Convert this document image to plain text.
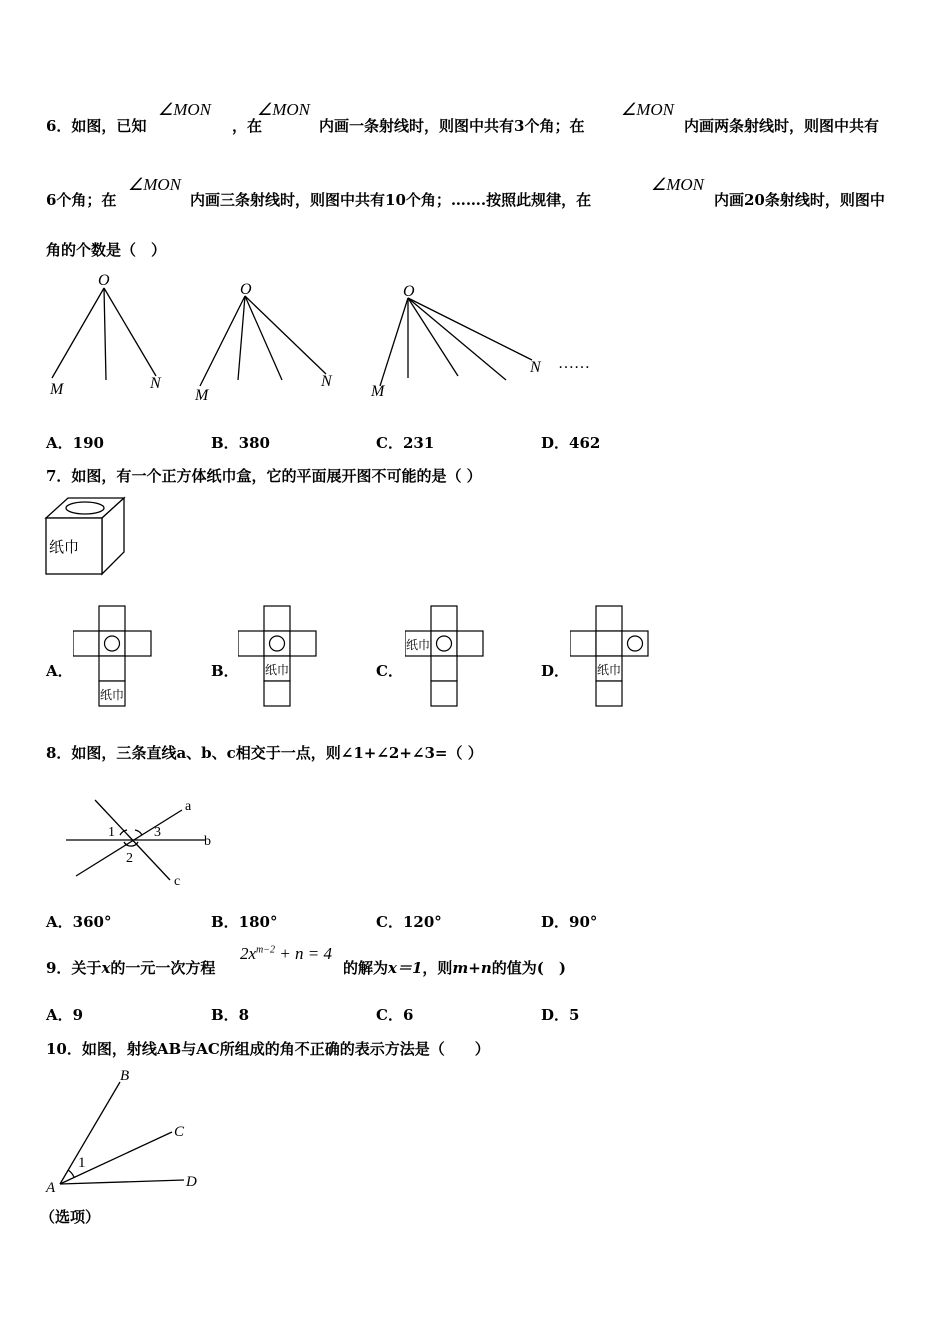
6．如图，已知
∠MON
，在
∠MON
内画一条射线时，则图中共有3个角；在
∠MON
内画两条射线时，则图中共有
6个角；在
∠MON
内画三条射线时，则图中共有10个角；…….按照此规律，在
∠MON
内画20条射线时，则图中
角的个数是（　）
O
M	N
O
M
N
O
M
N ……
A．190	B．380	C．231	D．462
7．如图，有一个正方体纸巾盒，它的平面展开图不可能的是（ ）
纸巾
A．
纸巾
B． 纸巾	C．
纸巾
D． 纸巾
8．如图，三条直线a、b、c相交于一点，则∠1+∠2+∠3=（ ）
a
b
c
1
2
3
A．360°	B．180°	C．120°	D．90°
9．关于x的一元一次方程
$2x^{m-2} + n = 4$
的解为x＝1，则m+n的值为(　)
A．9	B．8	C．6	D．5
10．如图，射线AB与AC所组成的角不正确的表示方法是（　　）
A
B
C
D
1
（选项）
